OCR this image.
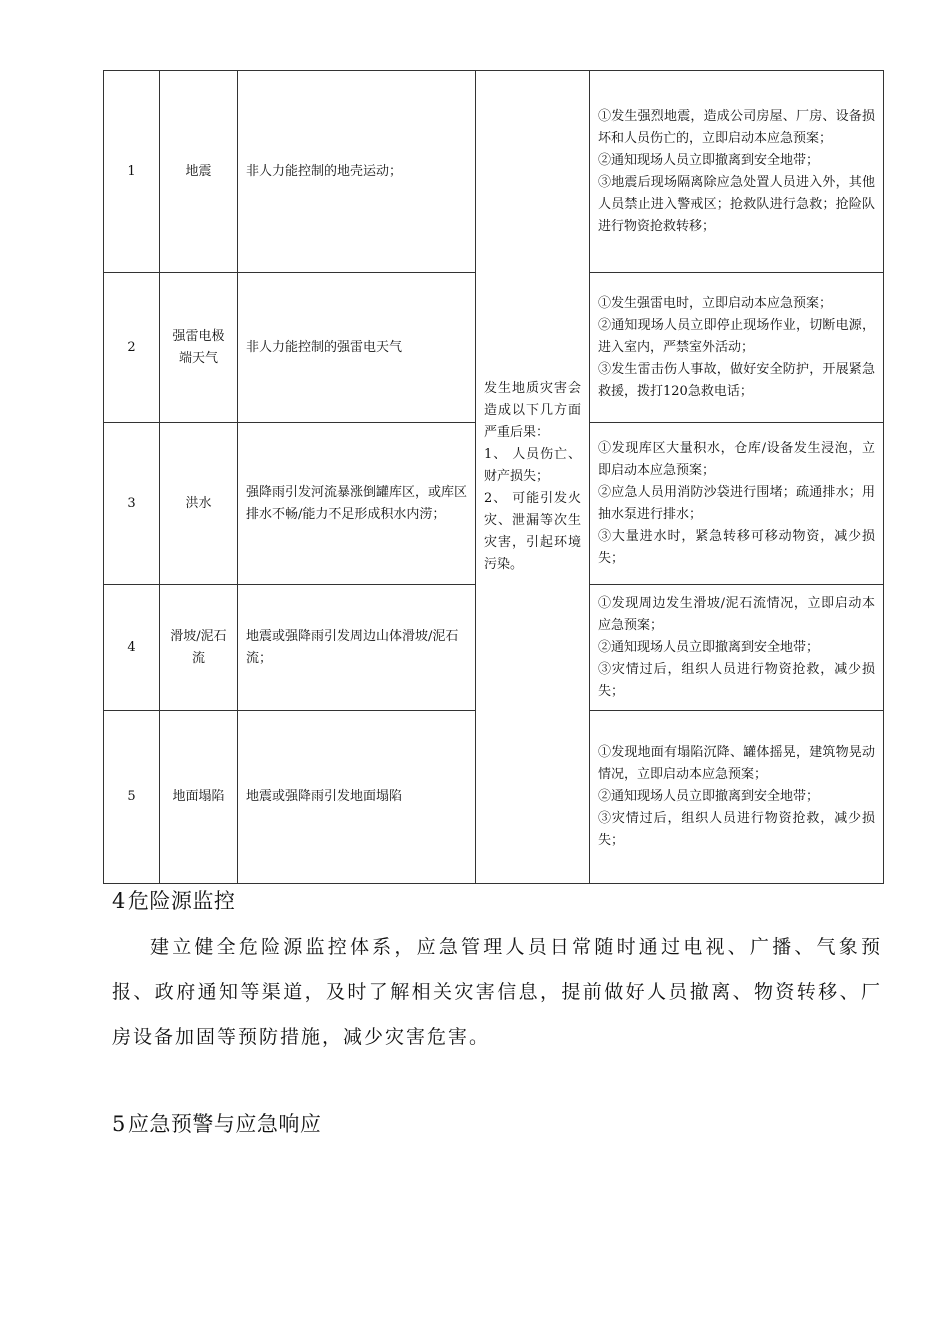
1	地震	非人力能控制的地壳运动；	发生地质灾害会造成以下几方面严重后果：
1、 人员伤亡、财产损失；
2、 可能引发火灾、泄漏等次生灾害，引起环境污染。	①发生强烈地震，造成公司房屋、厂房、设备损坏和人员伤亡的，立即启动本应急预案；
②通知现场人员立即撤离到安全地带；
③地震后现场隔离除应急处置人员进入外，其他人员禁止进入警戒区；抢救队进行急救；抢险队进行物资抢救转移；

2	强雷电极端天气	非人力能控制的强雷电天气		①发生强雷电时，立即启动本应急预案；
②通知现场人员立即停止现场作业，切断电源，进入室内，严禁室外活动；
③发生雷击伤人事故，做好安全防护，开展紧急救援，拨打120急救电话；

3	洪水	强降雨引发河流暴涨倒罐库区，或库区排水不畅/能力不足形成积水内涝；		①发现库区大量积水，仓库/设备发生浸泡，立即启动本应急预案；
②应急人员用消防沙袋进行围堵；疏通排水；用抽水泵进行排水；
③大量进水时，紧急转移可移动物资，减少损失；

4	滑坡/泥石流	地震或强降雨引发周边山体滑坡/泥石流；		①发现周边发生滑坡/泥石流情况，立即启动本应急预案；
②通知现场人员立即撤离到安全地带；
③灾情过后，组织人员进行物资抢救，减少损失；

5	地面塌陷	地震或强降雨引发地面塌陷		①发现地面有塌陷沉降、罐体摇晃，建筑物晃动情况，立即启动本应急预案；
②通知现场人员立即撤离到安全地带；
③灾情过后，组织人员进行物资抢救，减少损失；
4危险源监控

建立健全危险源监控体系，应急管理人员日常随时通过电视、广播、气象预报、政府通知等渠道，及时了解相关灾害信息，提前做好人员撤离、物资转移、厂房设备加固等预防措施，减少灾害危害。

5应急预警与应急响应
